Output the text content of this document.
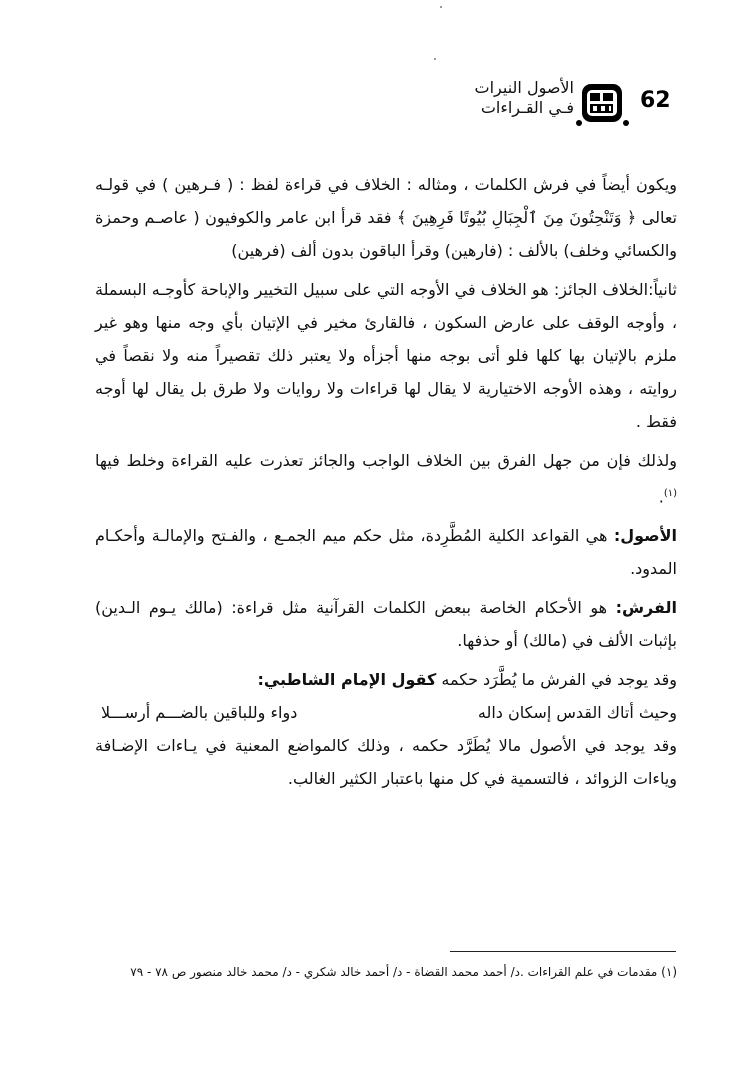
الأصول النيرات
فـي القـراءات	62

ويكون أيضاً في فرش الكلمات ، ومثاله : الخلاف في قراءة لفظ : ( فـرهين ) في قولـه تعالى ﴿ وَتَنْحِتُونَ مِنَ ٱلْجِبَالِ بُيُوتًا فَرِهِينَ ﴾ فقد قرأ ابن عامر والكوفيون ( عاصـم وحمزة والكسائي وخلف) بالألف : (فارهين) وقرأ الباقون بدون ألف (فرهين)

ثانياً:الخلاف الجائز: هو الخلاف في الأوجه التي على سبيل التخيير والإباحة كأوجـه البسملة ، وأوجه الوقف على عارض السكون ، فالقارئ مخير في الإتيان بأي وجه منها وهو غير ملزم بالإتيان بها كلها فلو أتى بوجه منها أجزأه ولا يعتبر ذلك تقصيراً منه ولا نقصاً في روايته ، وهذه الأوجه الاختيارية لا يقال لها قراءات ولا روايات ولا طرق بل يقال لها أوجه فقط .

ولذلك فإن من جهل الفرق بين الخلاف الواجب والجائز تعذرت عليه القراءة وخلط فيها $^{(١)}$.

الأصول: هي القواعد الكلية المُطَّرِدة، مثل حكم ميم الجمـع ، والفـتح والإمالـة وأحكـام المدود.

الفرش: هو الأحكام الخاصة ببعض الكلمات القرآنية مثل قراءة: (مالك يـوم الـدين) بإثبات الألف في (مالك) أو حذفها.

وقد يوجد في الفرش ما يُطَّرَد حكمه كقول الإمام الشاطبي:

وحيث أتاك القدس إسكان داله
دواء وللباقين بالضـــم أرســـلا

وقد يوجد في الأصول مالا يُطَرَّد حكمه ، وذلك كالمواضع المعنية في يـاءات الإضـافة وياءات الزوائد ، فالتسمية في كل منها باعتبار الكثير الغالب.

(١) مقدمات في علم القراءات .د/ أحمد محمد القضاة - د/ أحمد خالد شكري - د/ محمد خالد منصور ص ٧٨ - ٧٩
